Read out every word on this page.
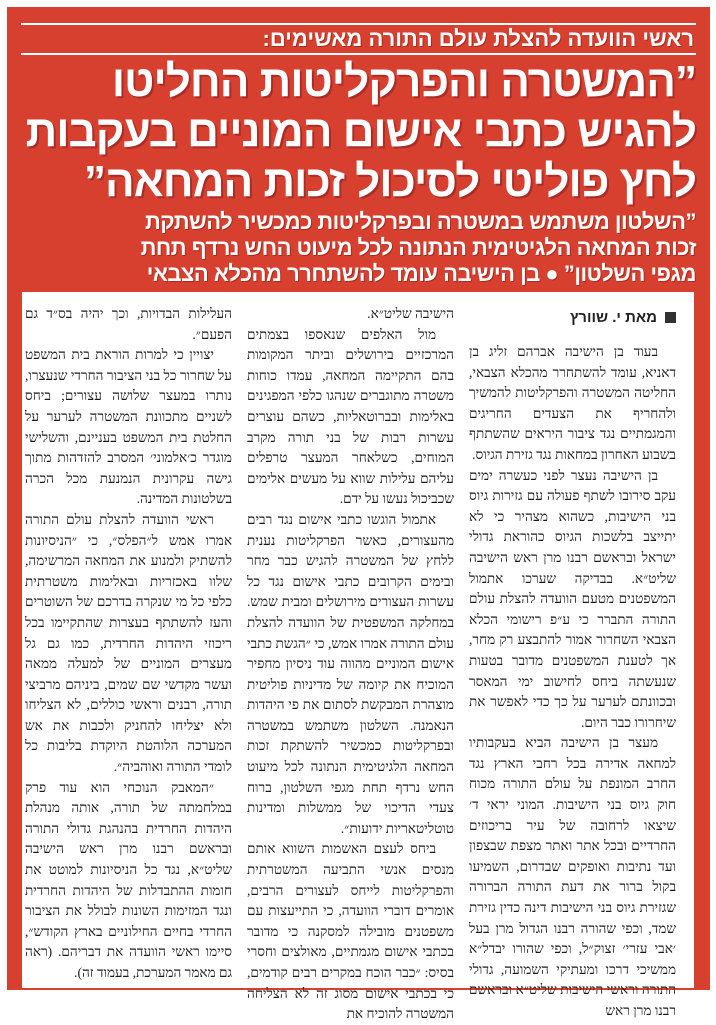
ראשי הוועדה להצלת עולם התורה מאשימים:
”המשטרה והפרקליטות החליטו
להגיש כתבי אישום המוניים בעקבות
לחץ פוליטי לסיכול זכות המחאה”
”השלטון משתמש במשטרה ובפרקליטות כמכשיר להשתקת
זכות המחאה הלגיטימית הנתונה לכל מיעוט החש נרדף תחת
מגפי השלטון” ● בן הישיבה עומד להשתחרר מהכלא הצבאי
מאת י. שוורץ

בעוד בן הישיבה אברהם זליג בן דאניא, עומד להשתחרר מהכלא הצבאי, החליטה המשטרה והפרקליטות להמשיך ולהחריף את הצעדים החריגים והמגמתיים נגד ציבור היראים שהשתתף בשבוע האחרון במחאות נגד גזירת הגיוס.

בן הישיבה נעצר לפני כעשרה ימים עקב סירובו לשתף פעולה עם גזירות גיוס בני הישיבות, כשהוא מצהיר כי לא יתייצב בלשכות הגיוס כהוראת גדולי ישראל ובראשם רבנו מרן ראש הישיבה שליט״א. בבדיקה שערכו אתמול המשפטנים מטעם הוועדה להצלת עולם התורה התברר כי ע״פ רישומי הכלא הצבאי השחרור אמור להתבצע רק מחר, אך לטענת המשפטנים מדובר בטעות שנעשתה ביחס לחישוב ימי המאסר ובכוונתם לערער על כך כדי לאפשר את שיחרורו כבר היום.

מעצר בן הישיבה הביא בעקבותיו למחאה אדירה בכל רחבי הארץ נגד החרב המונפת על עולם התורה מכוח חוק גיוס בני הישיבות. המוני יראי ד׳ שיצאו לרחובה של עיר בריכוזים החרדיים ובכל אתר ואתר מצפת שבצפון ועד נתיבות ואופקים שבדרום, השמיעו בקול ברור את דעת התורה הברורה שגזירת גיוס בני הישיבות דינה כדין גזירת שמד, וכפי שהורה רבנו הגדול מרן בעל ׳אבי עזרי׳ זצוק״ל, וכפי שהורו יבדל״א ממשיכי דרכו ומעתיקי השמועה, גדולי התורה וראשי הישיבות שליט״א ובראשם רבנו מרן ראש

הישיבה שליט״א.

מול האלפים שנאספו בצמתים המרכזיים בירושלים וביתר המקומות בהם התקיימה המחאה, עמדו כוחות משטרה מתוגברים שנהגו כלפי המפגינים באלימות ובברוטאליות, כשהם עוצרים עשרות רבות של בני תורה מקרב המוחים, כשלאחר המעצר טרפלים עליהם עלילות שווא על מעשים אלימים שכביכול נעשו על ידם.

אתמול הוגשו כתבי אישום נגד רבים מהעצורים, כאשר הפרקליטות נענית ללחץ של המשטרה להגיש כבר מחר ובימים הקרובים כתבי אישום נגד כל עשרות העצורים מירושלים ומבית שמש. במחלקה המשפטית של הוועדה להצלת עולם התורה אמרו אמש, כי ״הגשת כתבי אישום המוניים מהווה עוד ניסיון מחפיר המוכיח את קיומה של מדיניות פוליטית מוצהרת המבקשת לסתום את פי היהדות הנאמנה. השלטון משתמש במשטרה ובפרקליטות כמכשיר להשתקת זכות המחאה הלגיטימית הנתונה לכל מיעוט החש נרדף תחת מגפי השלטון, ברוח צעדי הדיכוי של ממשלות ומדינות טוטליטאריות ידועות״.

ביחס לעצם האשמות השווא אותם מנסים אנשי התביעה המשטרתית והפרקליטות לייחס לעצורים הרבים, אומרים דוברי הוועדה, כי התייעצות עם משפטנים מובילה למסקנה כי מדובר בכתבי אישום מגמתיים, מאולצים וחסרי בסיס: ״כבר הוכח במקרים רבים קודמים, כי בכתבי אישום מסוג זה לא הצליחה המשטרה להוכיח את

העלילות הבדויות, וכך יהיה בס״ד גם הפעם״.

יצויין כי למרות הוראת בית המשפט על שחרור כל בני הציבור החרדי שנעצרו, נותרו במעצר שלושה עצורים; ביחס לשניים מתכוונת המשטרה לערער על החלטת בית המשפט בעניינם, והשלישי מוגדר כ׳אלמוני׳ המסרב להזדהות מתוך גישה עקרונית הנמנעת מכל הכרה בשלטונות המדינה.

ראשי הוועדה להצלת עולם התורה אמרו אמש ל״הפלס״, כי ״הניסיונות להשתיק ולמנוע את המחאה המרשימה, שלוו באכזריות ובאלימות משטרתית כלפי כל מי שנקרה בדרכם של השוטרים והעז להשתתף בעצרות שהתקיימו בכל ריכוזי היהדות החרדית, כמו גם גל מעצרים המוניים של למעלה ממאה ועשר מקדשי שם שמים, ביניהם מרביצי תורה, רבנים וראשי כוללים, לא הצליחו ולא יצליחו להחניק ולכבות את אש המערכה הלוהטת היוקדת בליבות כל לומדי התורה ואוהביה״.

״המאבק הנוכחי הוא עוד פרק במלחמתה של תורה, אותה מנהלת היהדות החרדית בהנהגת גדולי התורה ובראשם רבנו מרן ראש הישיבה שליט״א, נגד כל הניסיונות למוטט את חומות ההתבדלות של היהדות החרדית ונגד המזימות השונות לבולל את הציבור החרדי בחיים החילוניים בארץ הקודש״, סיימו ראשי הוועדה את דבריהם. (ראה גם מאמר המערכת, בעמוד זה).
